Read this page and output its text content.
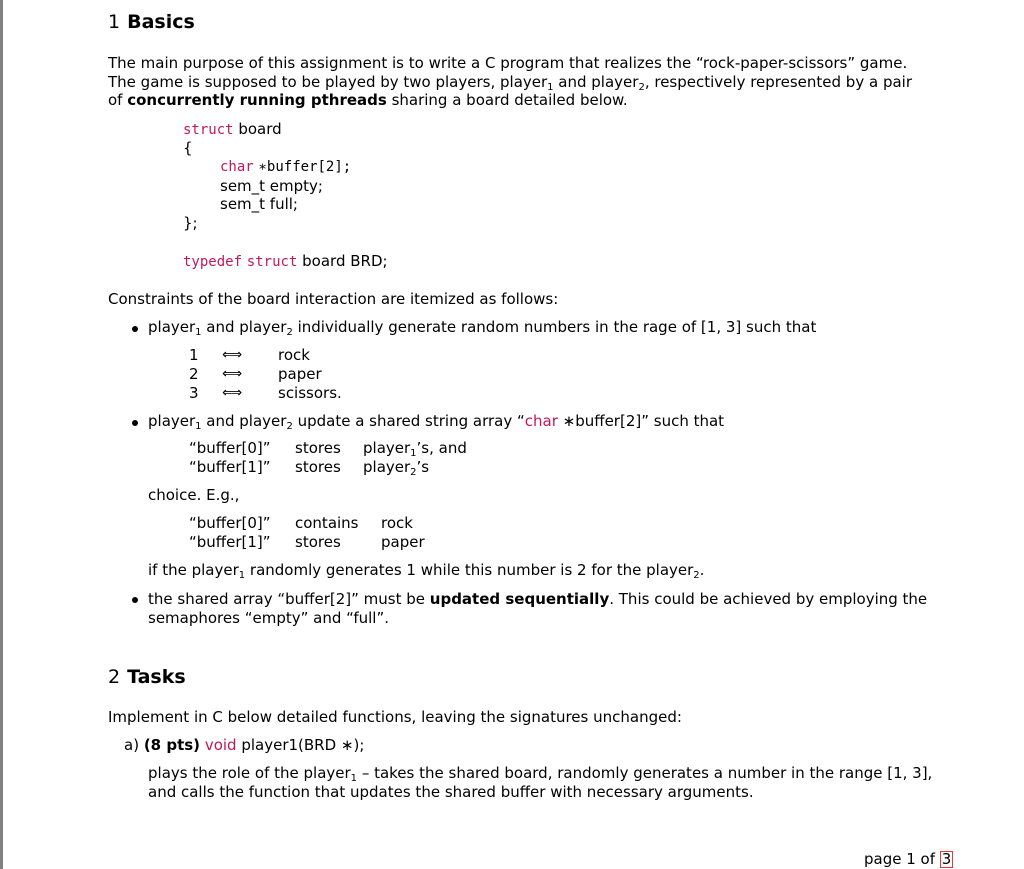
1 Basics
The main purpose of this assignment is to write a C program that realizes the “rock-paper-scissors” game.
The game is supposed to be played by two players, player$_1$ and player$_2$, respectively represented by a pair
of concurrently running pthreads sharing a board detailed below.
struct board
{
char ∗buffer[2];
sem_t empty;
sem_t full;
};
typedef struct board BRD;
Constraints of the board interaction are itemized as follows:
player$_1$ and player$_2$ individually generate random numbers in the rage of [1, 3] such that
1 ⟺ rock
2 ⟺ paper
3 ⟺ scissors.
player$_1$ and player$_2$ update a shared string array “char ∗buffer[2]” such that
“buffer[0]” stores player$_1$’s, and
“buffer[1]” stores player$_2$’s
choice. E.g.,
“buffer[0]” contains rock
“buffer[1]” stores	paper
if the player$_1$ randomly generates 1 while this number is 2 for the player$_2$.
the shared array “buffer[2]” must be updated sequentially. This could be achieved by employing the
semaphores “empty” and “full”.
2 Tasks
Implement in C below detailed functions, leaving the signatures unchanged:
a) (8 pts) void player1(BRD ∗);
plays the role of the player$_1$ – takes the shared board, randomly generates a number in the range [1, 3],
and calls the function that updates the shared buffer with necessary arguments.
page 1 of 3
